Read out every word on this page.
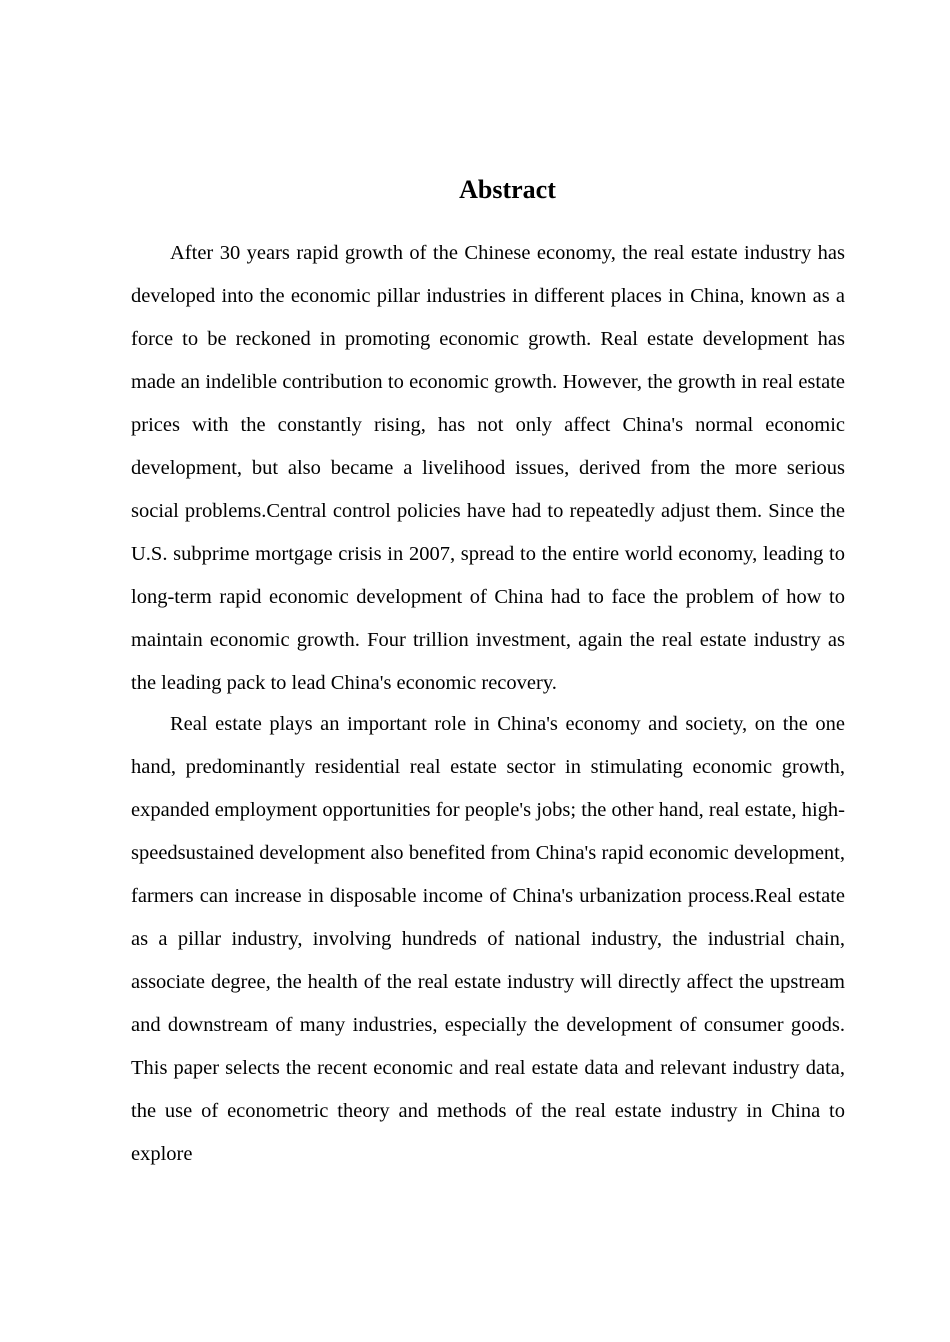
Abstract

After 30 years rapid growth of the Chinese economy, the real estate industry has developed into the economic pillar industries in different places in China, known as a force to be reckoned in promoting economic growth. Real estate development has made an indelible contribution to economic growth. However, the growth in real estate prices with the constantly rising, has not only affect China's normal economic development, but also became a livelihood issues, derived from the more serious social problems.Central control policies have had to repeatedly adjust them. Since the U.S. subprime mortgage crisis in 2007, spread to the entire world economy, leading to long-term rapid economic development of China had to face the problem of how to maintain economic growth. Four trillion investment, again the real estate industry as the leading pack to lead China's economic recovery.

Real estate plays an important role in China's economy and society, on the one hand, predominantly residential real estate sector in stimulating economic growth, expanded employment opportunities for people's jobs; the other hand, real estate, high-speedsustained development also benefited from China's rapid economic development, farmers can increase in disposable income of China's urbanization process.Real estate as a pillar industry, involving hundreds of national industry, the industrial chain, associate degree, the health of the real estate industry will directly affect the upstream and downstream of many industries, especially the development of consumer goods. This paper selects the recent economic and real estate data and relevant industry data, the use of econometric theory and methods of the real estate industry in China to explore
